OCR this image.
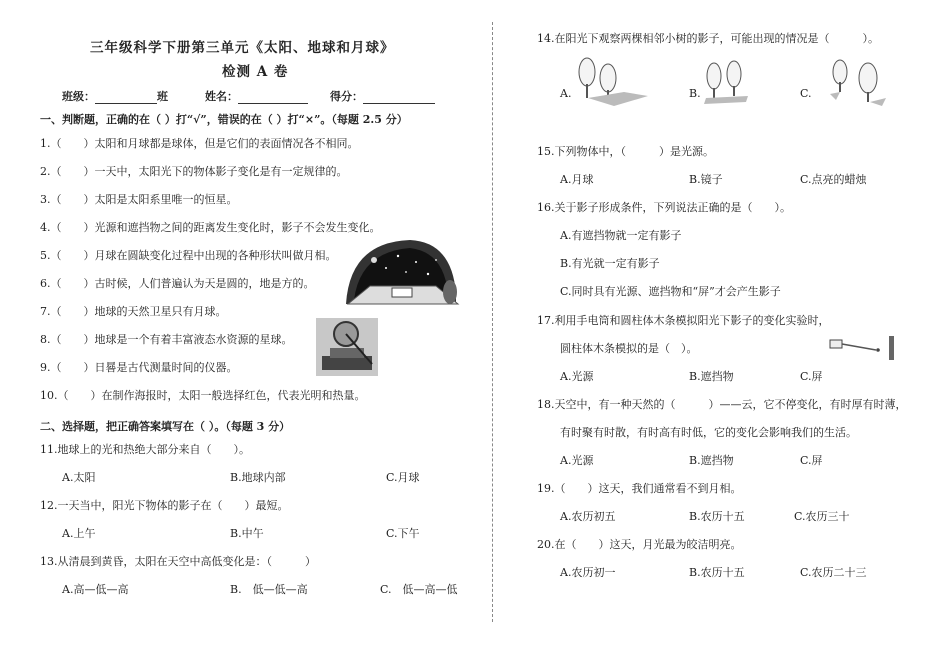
三年级科学下册第三单元《太阳、地球和月球》
检测 A 卷
班级：	班	姓名：	得分：
一、判断题，正确的在（ ）打“√”，错误的在（ ）打“×”。（每题 2.5 分）
1.（　　）太阳和月球都是球体，但是它们的表面情况各不相同。
2.（　　）一天中，太阳光下的物体影子变化是有一定规律的。
3.（　　）太阳是太阳系里唯一的恒星。
4.（　　）光源和遮挡物之间的距离发生变化时，影子不会发生变化。
5.（　　）月球在圆缺变化过程中出现的各种形状叫做月相。
6.（　　）古时候，人们普遍认为天是圆的，地是方的。
7.（　　）地球的天然卫星只有月球。
8.（　　）地球是一个有着丰富液态水资源的星球。
9.（　　）日晷是古代测量时间的仪器。
10.（　　）在制作海报时，太阳一般选择红色，代表光明和热量。
二、选择题，把正确答案填写在（ ）。（每题 3 分）
11.地球上的光和热绝大部分来自（　　）。
A.太阳	B.地球内部	C.月球
12.一天当中，阳光下物体的影子在（　　）最短。
A.上午	B.中午	C.下午
13.从清晨到黄昏，太阳在天空中高低变化是：（　　　）
A.高—低—高	B.　低—低—高	C.　低—高—低
14.在阳光下观察两棵相邻小树的影子，可能出现的情况是（　　　）。
A.	B.	C.
15.下列物体中，（　　　）是光源。
A.月球	B.镜子	C.点亮的蜡烛
16.关于影子形成条件，下列说法正确的是（　　）。
A.有遮挡物就一定有影子
B.有光就一定有影子
C.同时具有光源、遮挡物和“屏”才会产生影子
17.利用手电筒和圆柱体木条模拟阳光下影子的变化实验时，
圆柱体木条模拟的是（　）。
A.光源	B.遮挡物	C.屏
18.天空中，有一种天然的（　　　）——云，它不停变化，有时厚有时薄，
有时聚有时散，有时高有时低，它的变化会影响我们的生活。
A.光源	B.遮挡物	C.屏
19.（　　）这天，我们通常看不到月相。
A.农历初五	B.农历十五	C.农历三十
20.在（　　）这天，月光最为皎洁明亮。
A.农历初一	B.农历十五	C.农历二十三
